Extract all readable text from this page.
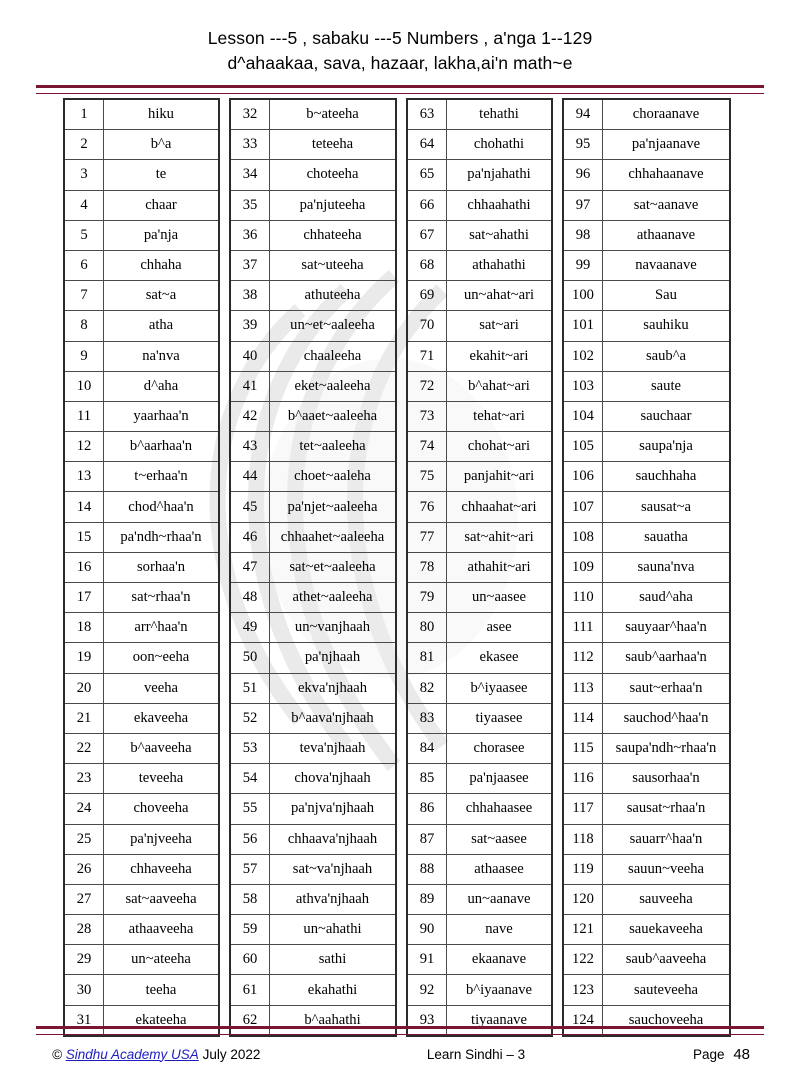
Lesson ---5 , sabaku ---5 Numbers , a'nga 1--129
d^ahaakaa, sava, hazaar, lakha,ai'n math~e
1	hiku
2	b^a
3	te
4	chaar
5	pa'nja
6	chhaha
7	sat~a
8	atha
9	na'nva
10	d^aha
11	yaarhaa'n
12	b^aarhaa'n
13	t~erhaa'n
14	chod^haa'n
15	pa'ndh~rhaa'n
16	sorhaa'n
17	sat~rhaa'n
18	arr^haa'n
19	oon~eeha
20	veeha
21	ekaveeha
22	b^aaveeha
23	teveeha
24	choveeha
25	pa'njveeha
26	chhaveeha
27	sat~aaveeha
28	athaaveeha
29	un~ateeha
30	teeha
31	ekateeha
32	b~ateeha
33	teteeha
34	choteeha
35	pa'njuteeha
36	chhateeha
37	sat~uteeha
38	athuteeha
39	un~et~aaleeha
40	chaaleeha
41	eket~aaleeha
42	b^aaet~aaleeha
43	tet~aaleeha
44	choet~aaleha
45	pa'njet~aaleeha
46	chhaahet~aaleeha
47	sat~et~aaleeha
48	athet~aaleeha
49	un~vanjhaah
50	pa'njhaah
51	ekva'njhaah
52	b^aava'njhaah
53	teva'njhaah
54	chova'njhaah
55	pa'njva'njhaah
56	chhaava'njhaah
57	sat~va'njhaah
58	athva'njhaah
59	un~ahathi
60	sathi
61	ekahathi
62	b^aahathi
63	tehathi
64	chohathi
65	pa'njahathi
66	chhaahathi
67	sat~ahathi
68	athahathi
69	un~ahat~ari
70	sat~ari
71	ekahit~ari
72	b^ahat~ari
73	tehat~ari
74	chohat~ari
75	panjahit~ari
76	chhaahat~ari
77	sat~ahit~ari
78	athahit~ari
79	un~aasee
80	asee
81	ekasee
82	b^iyaasee
83	tiyaasee
84	chorasee
85	pa'njaasee
86	chhahaasee
87	sat~aasee
88	athaasee
89	un~aanave
90	nave
91	ekaanave
92	b^iyaanave
93	tiyaanave
94	choraanave
95	pa'njaanave
96	chhahaanave
97	sat~aanave
98	athaanave
99	navaanave
100	Sau
101	sauhiku
102	saub^a
103	saute
104	sauchaar
105	saupa'nja
106	sauchhaha
107	sausat~a
108	sauatha
109	sauna'nva
110	saud^aha
111	sauyaar^haa'n
112	saub^aarhaa'n
113	saut~erhaa'n
114	sauchod^haa'n
115	saupa'ndh~rhaa'n
116	sausorhaa'n
117	sausat~rhaa'n
118	sauarr^haa'n
119	sauun~veeha
120	sauveeha
121	sauekaveeha
122	saub^aaveeha
123	sauteveeha
124	sauchoveeha
© Sindhu Academy USA July 2022	Learn Sindhi – 3	Page 48
